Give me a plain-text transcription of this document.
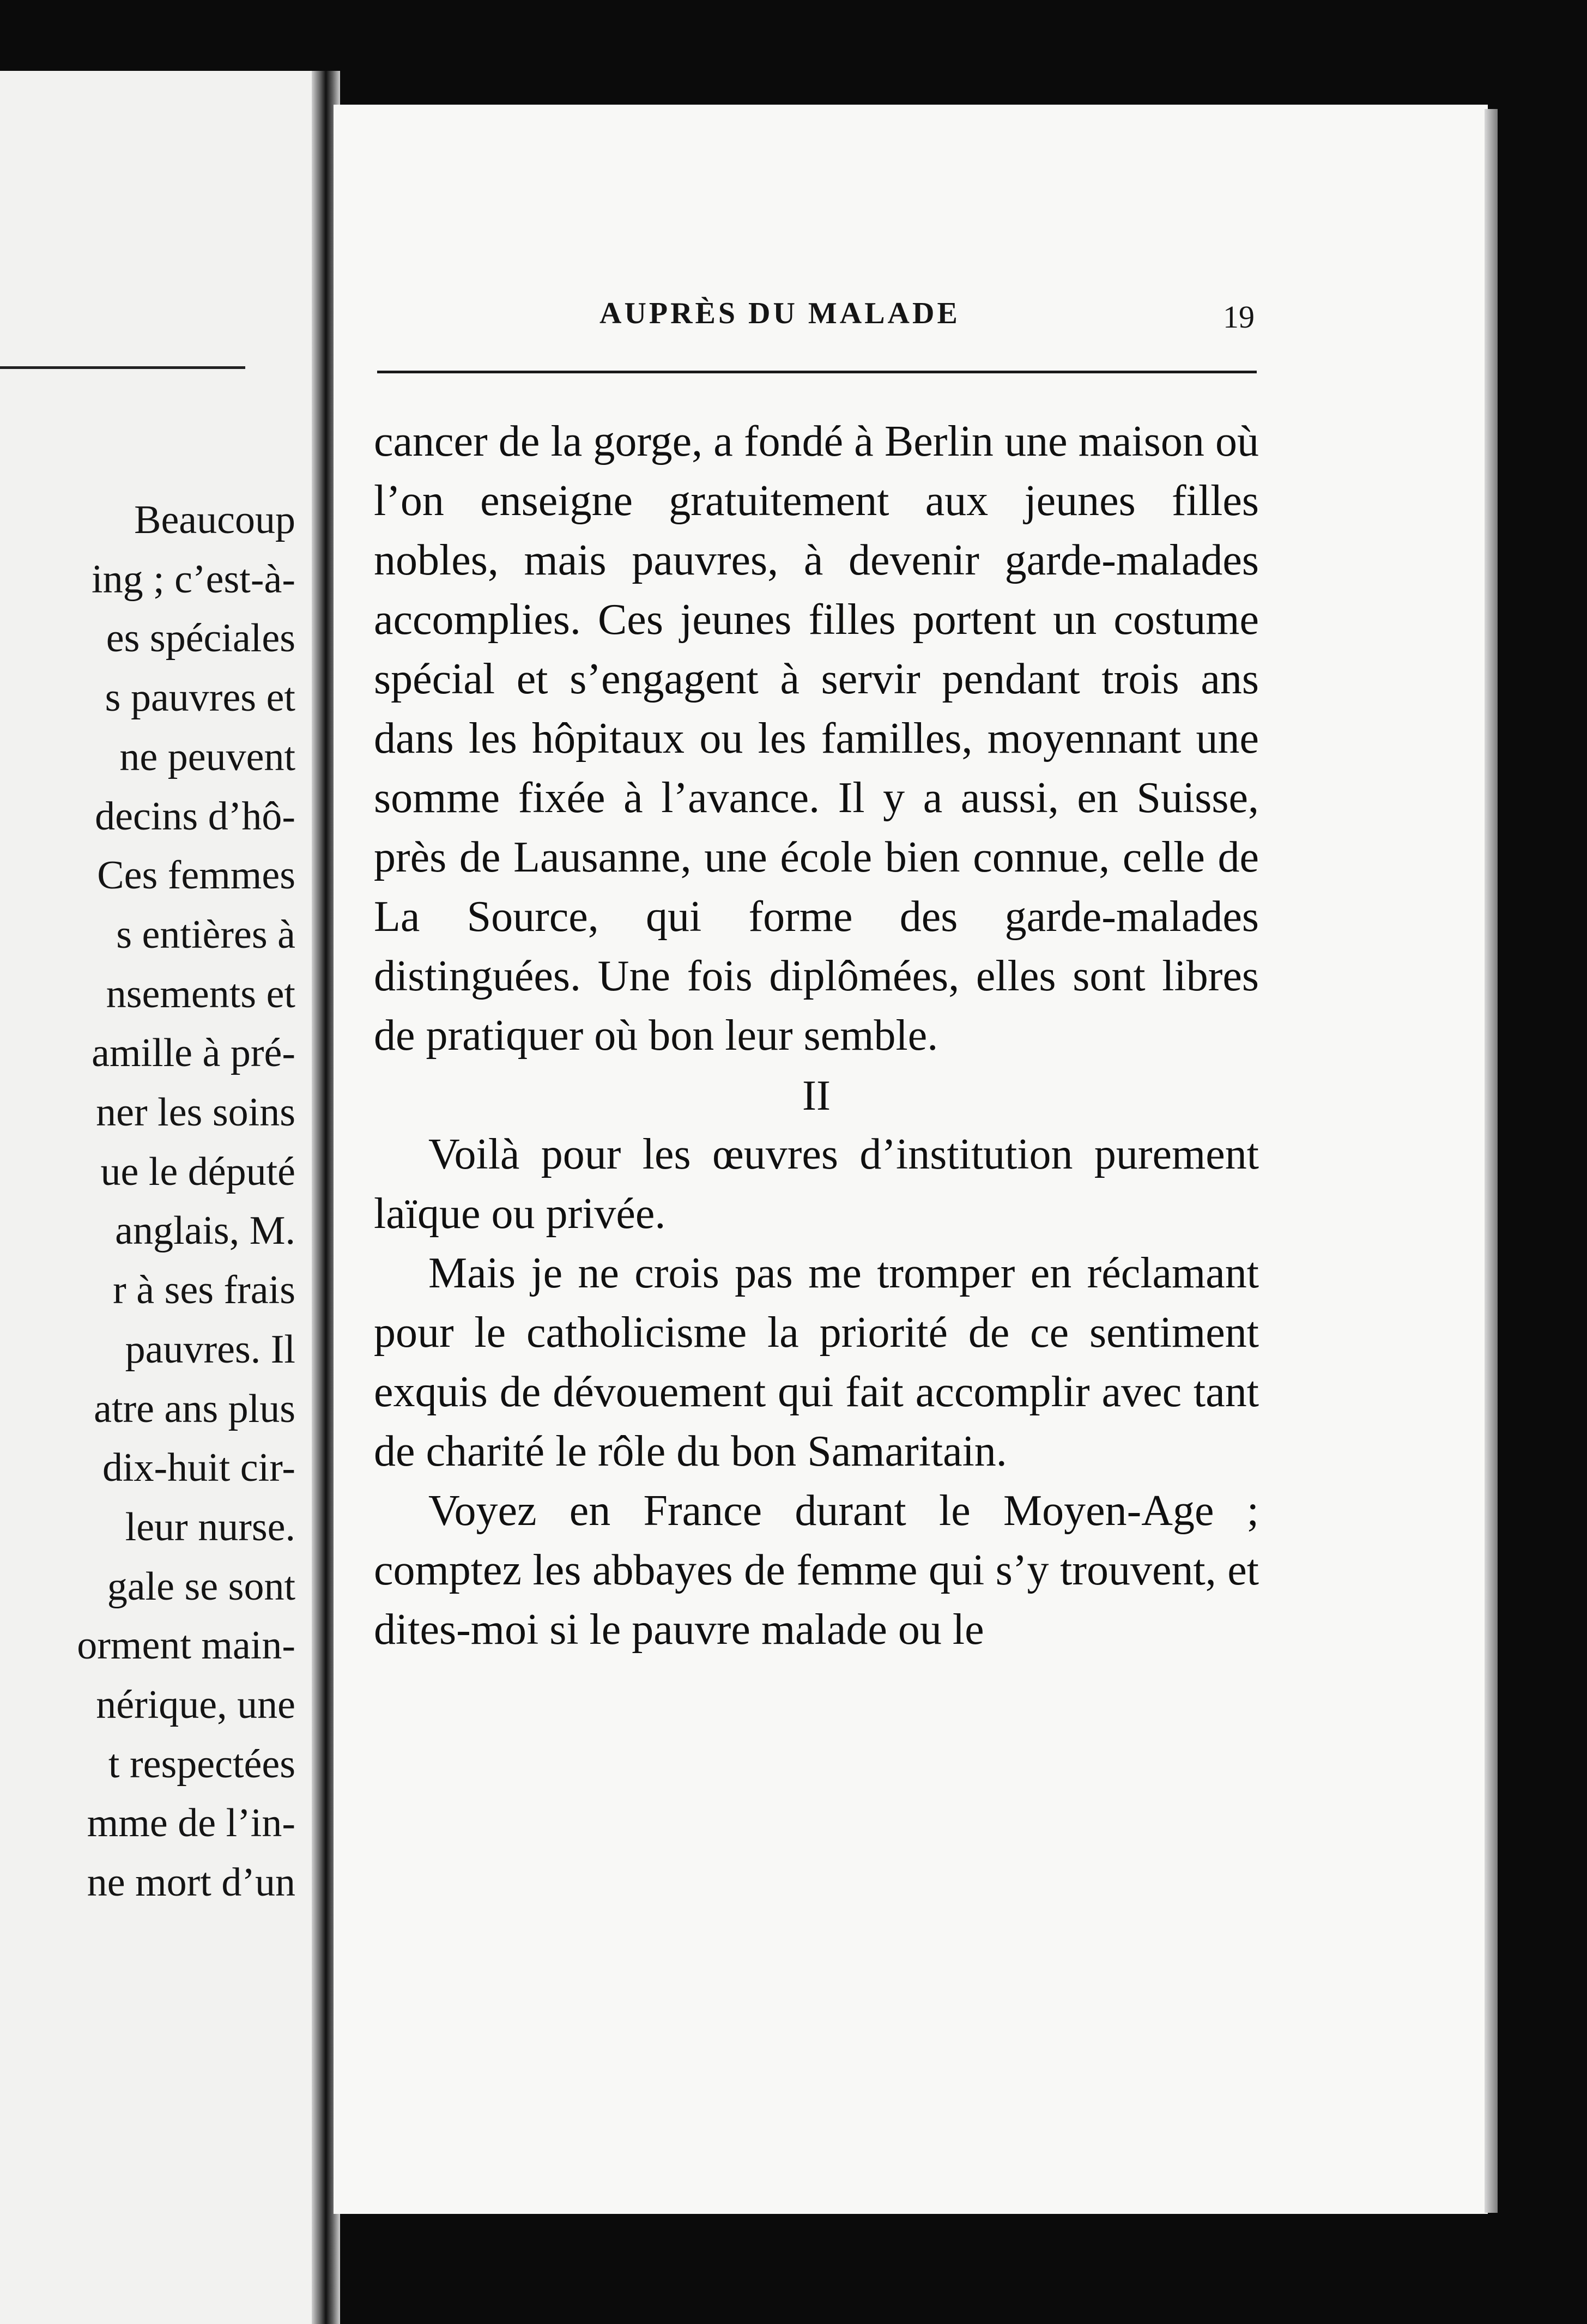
Beaucoup
ing ; c’est-à-
es spéciales
s pauvres et
ne peuvent
decins d’hô-
Ces femmes
s entières à
nsements et
amille à pré-
ner les soins
ue le député
anglais, M.
r à ses frais
pauvres. Il
atre ans plus
dix-huit cir-
leur nurse.
gale se sont
orment main-
nérique, une
t respectées
mme de l’in-
ne mort d’un
AUPRÈS DU MALADE	19

cancer de la gorge, a fondé à Berlin une maison où l’on enseigne gratuitement aux jeunes filles nobles, mais pauvres, à devenir garde-malades accomplies. Ces jeunes filles portent un costume spécial et s’engagent à servir pendant trois ans dans les hôpitaux ou les familles, moyennant une somme fixée à l’avance. Il y a aussi, en Suisse, près de Lausanne, une école bien connue, celle de La Source, qui forme des garde-malades distinguées. Une fois diplômées, elles sont libres de pratiquer où bon leur semble.

II

Voilà pour les œuvres d’institution purement laïque ou privée.

Mais je ne crois pas me tromper en réclamant pour le catholicisme la priorité de ce sentiment exquis de dévouement qui fait accomplir avec tant de charité le rôle du bon Samaritain.

Voyez en France durant le Moyen-Age ; comptez les abbayes de femme qui s’y trouvent, et dites-moi si le pauvre malade ou le
